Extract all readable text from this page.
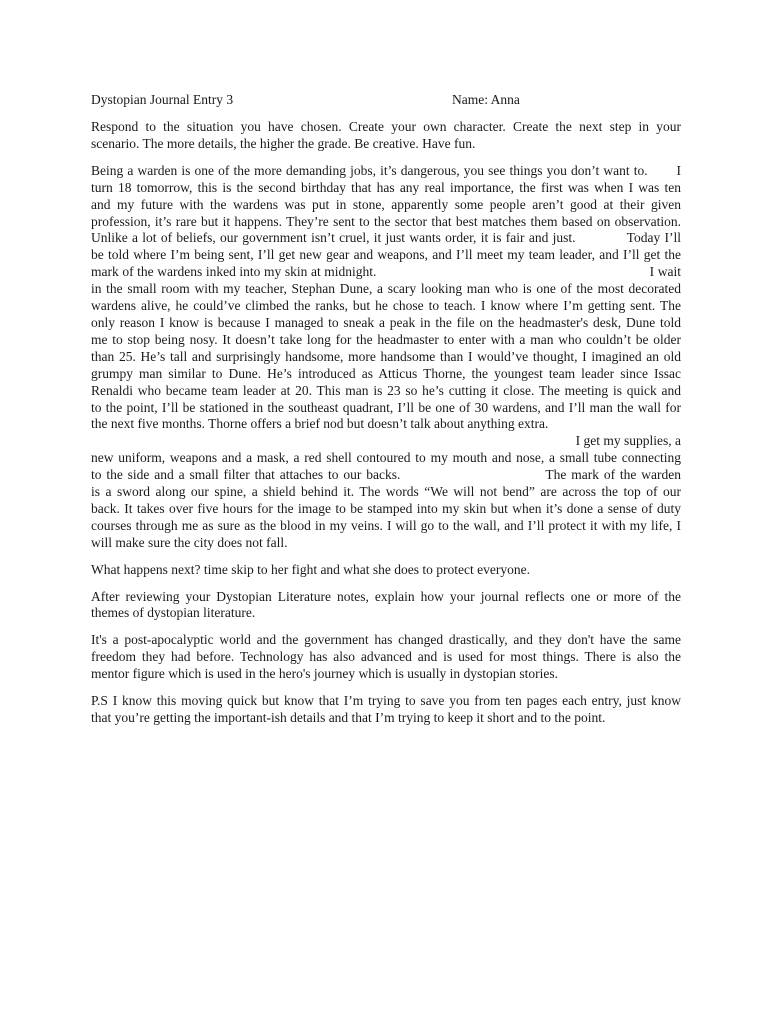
Dystopian Journal Entry 3	Name: Anna

Respond to the situation you have chosen. Create your own character. Create the next step in your
scenario. The more details, the higher the grade. Be creative. Have fun.

Being a warden is one of the more demanding jobs, it’s dangerous, you see things you don’t want to.       I
turn 18 tomorrow, this is the second birthday that has any real importance, the first was when I was ten
and my future with the wardens was put in stone, apparently some people aren’t good at their given
profession, it’s rare but it happens. They’re sent to the sector that best matches them based on observation.
Unlike a lot of beliefs, our government isn’t cruel, it just wants order, it is fair and just.            Today I’ll
be told where I’m being sent, I’ll get new gear and weapons, and I’ll meet my team leader, and I’ll get the
mark of the wardens inked into my skin at midnight.                                                                            I wait
in the small room with my teacher, Stephan Dune, a scary looking man who is one of the most decorated
wardens alive, he could’ve climbed the ranks, but he chose to teach. I know where I’m getting sent. The
only reason I know is because I managed to sneak a peak in the file on the headmaster's desk, Dune told
me to stop being nosy. It doesn’t take long for the headmaster to enter with a man who couldn’t be older
than 25. He’s tall and surprisingly handsome, more handsome than I would’ve thought, I imagined an old
grumpy man similar to Dune. He’s introduced as Atticus Thorne, the youngest team leader since Issac
Renaldi who became team leader at 20. This man is 23 so he’s cutting it close. The meeting is quick and
to the point, I’ll be stationed in the southeast quadrant, I’ll be one of 30 wardens, and I’ll man the wall for
the next five months. Thorne offers a brief nod but doesn’t talk about anything extra.
I get my supplies, a
new uniform, weapons and a mask, a red shell contoured to my mouth and nose, a small tube connecting
to the side and a small filter that attaches to our backs.                              The mark of the warden
is a sword along our spine, a shield behind it. The words “We will not bend” are across the top of our
back. It takes over five hours for the image to be stamped into my skin but when it’s done a sense of duty
courses through me as sure as the blood in my veins. I will go to the wall, and I’ll protect it with my life, I
will make sure the city does not fall.

What happens next? time skip to her fight and what she does to protect everyone.

After reviewing your Dystopian Literature notes, explain how your journal reflects one or more of the
themes of dystopian literature.

It's a post-apocalyptic world and the government has changed drastically, and they don't have the same
freedom they had before. Technology has also advanced and is used for most things. There is also the
mentor figure which is used in the hero's journey which is usually in dystopian stories.

P.S I know this moving quick but know that I’m trying to save you from ten pages each entry, just know
that you’re getting the important-ish details and that I’m trying to keep it short and to the point.
